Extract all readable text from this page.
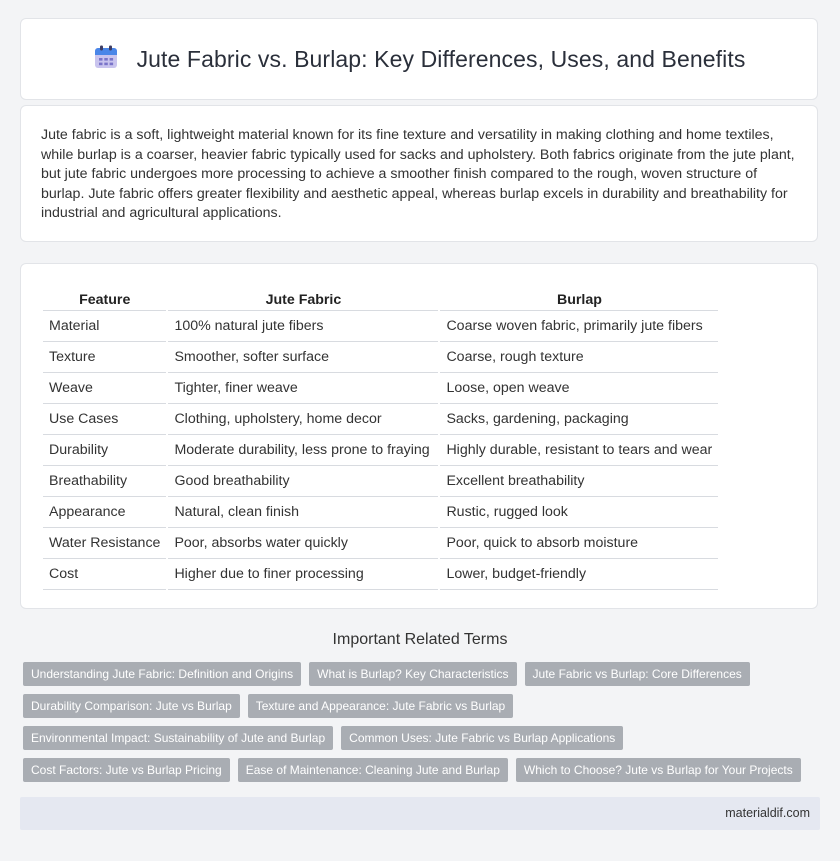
Jute Fabric vs. Burlap: Key Differences, Uses, and Benefits

Jute fabric is a soft, lightweight material known for its fine texture and versatility in making clothing and home textiles, while burlap is a coarser, heavier fabric typically used for sacks and upholstery. Both fabrics originate from the jute plant, but jute fabric undergoes more processing to achieve a smoother finish compared to the rough, woven structure of burlap. Jute fabric offers greater flexibility and aesthetic appeal, whereas burlap excels in durability and breathability for industrial and agricultural applications.

Feature	Jute Fabric	Burlap
Material	100% natural jute fibers	Coarse woven fabric, primarily jute fibers
Texture	Smoother, softer surface	Coarse, rough texture
Weave	Tighter, finer weave	Loose, open weave
Use Cases	Clothing, upholstery, home decor	Sacks, gardening, packaging
Durability	Moderate durability, less prone to fraying	Highly durable, resistant to tears and wear
Breathability	Good breathability	Excellent breathability
Appearance	Natural, clean finish	Rustic, rugged look
Water Resistance	Poor, absorbs water quickly	Poor, quick to absorb moisture
Cost	Higher due to finer processing	Lower, budget-friendly
Important Related Terms
Understanding Jute Fabric: Definition and Origins	What is Burlap? Key Characteristics	Jute Fabric vs Burlap: Core Differences
Durability Comparison: Jute vs Burlap	Texture and Appearance: Jute Fabric vs Burlap
Environmental Impact: Sustainability of Jute and Burlap	Common Uses: Jute Fabric vs Burlap Applications
Cost Factors: Jute vs Burlap Pricing	Ease of Maintenance: Cleaning Jute and Burlap	Which to Choose? Jute vs Burlap for Your Projects
materialdif.com
